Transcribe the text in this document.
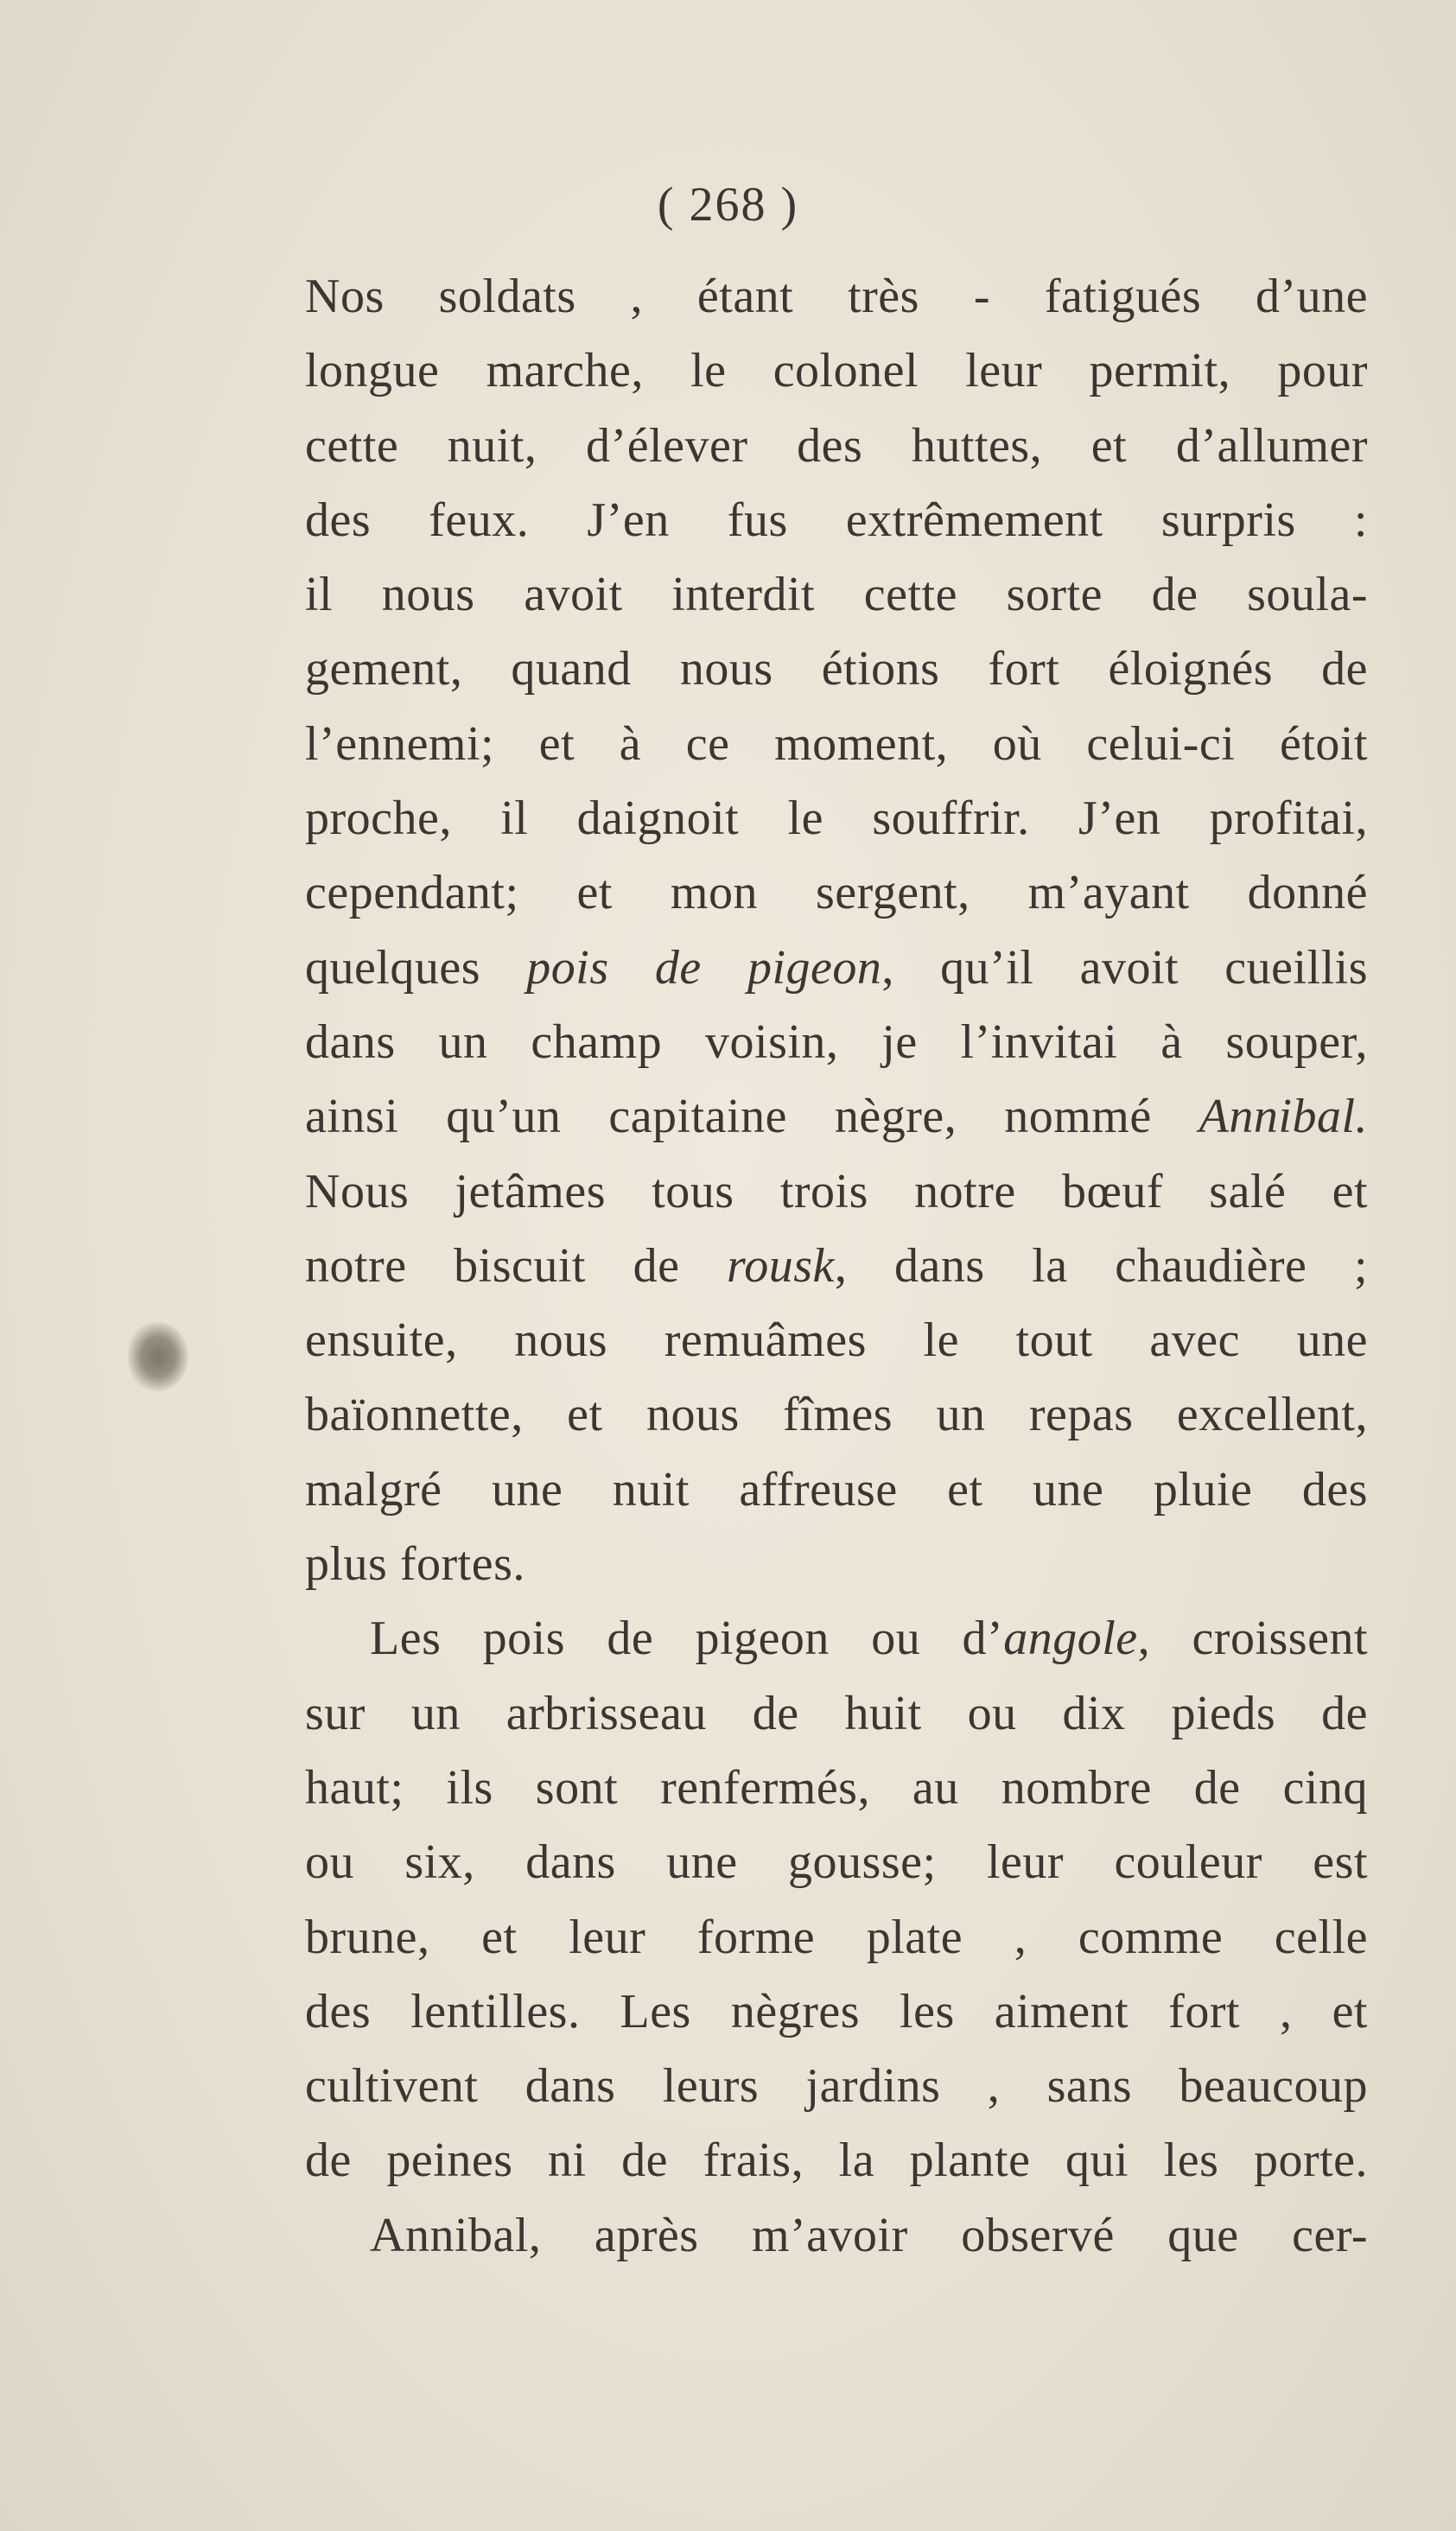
( 268 )
Nos soldats , étant très - fatigués d’une
longue marche, le colonel leur permit, pour
cette nuit, d’élever des huttes, et d’allumer
des feux. J’en fus extrêmement surpris :
il nous avoit interdit cette sorte de soula-
gement, quand nous étions fort éloignés de
l’ennemi; et à ce moment, où celui-ci étoit
proche, il daignoit le souffrir. J’en profitai,
cependant; et mon sergent, m’ayant donné
quelques pois de pigeon, qu’il avoit cueillis
dans un champ voisin, je l’invitai à souper,
ainsi qu’un capitaine nègre, nommé Annibal.
Nous jetâmes tous trois notre bœuf salé et
notre biscuit de rousk, dans la chaudière ;
ensuite, nous remuâmes le tout avec une
baïonnette, et nous fîmes un repas excellent,
malgré une nuit affreuse et une pluie des
plus fortes.
Les pois de pigeon ou d’angole, croissent
sur un arbrisseau de huit ou dix pieds de
haut; ils sont renfermés, au nombre de cinq
ou six, dans une gousse; leur couleur est
brune, et leur forme plate , comme celle
des lentilles. Les nègres les aiment fort , et
cultivent dans leurs jardins , sans beaucoup
de peines ni de frais, la plante qui les porte.
Annibal, après m’avoir observé que cer-
